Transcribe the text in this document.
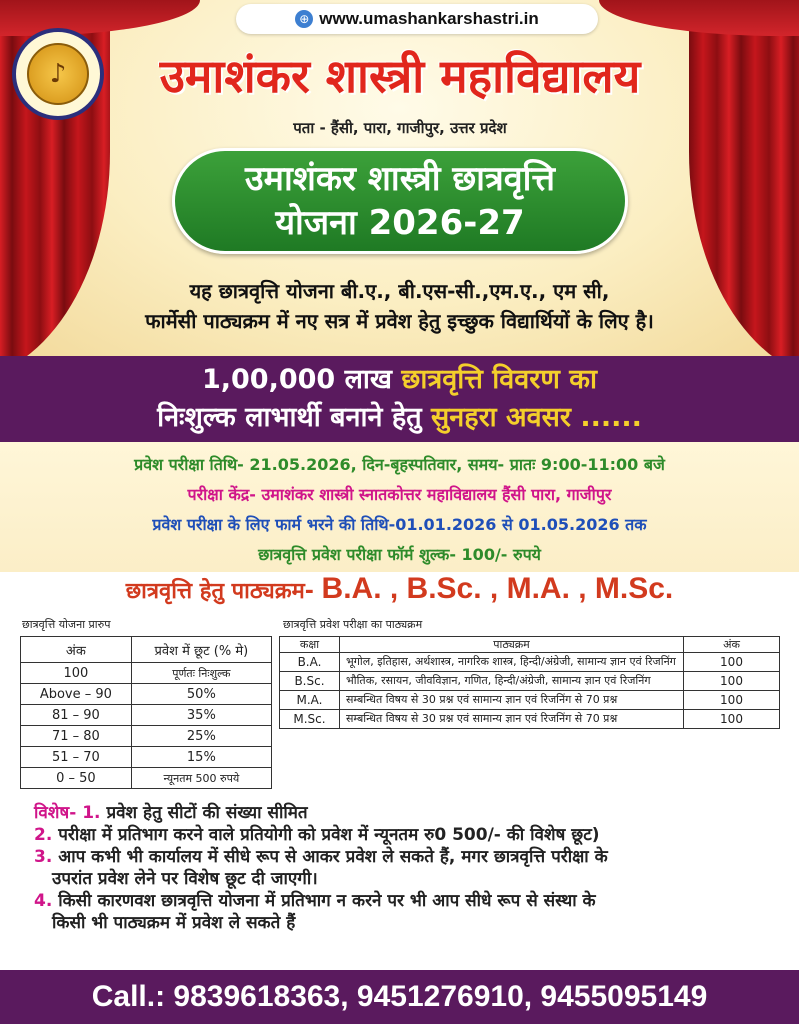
⊕ www.umashankarshastri.in
♪	उमाशंकर शास्त्री महाविद्यालय
पता - हैंसी, पारा, गाजीपुर, उत्तर प्रदेश
उमाशंकर शास्त्री छात्रवृत्ति
योजना 2026-27
यह छात्रवृत्ति योजना बी.ए., बी.एस-सी.,एम.ए., एम सी,
फार्मेसी पाठ्यक्रम में नए सत्र में प्रवेश हेतु इच्छुक विद्यार्थियों के लिए है।
1,00,000 लाख छात्रवृत्ति विवरण का
निःशुल्क लाभार्थी बनाने हेतु सुनहरा अवसर ......
प्रवेश परीक्षा तिथि- 21.05.2026, दिन-बृहस्पतिवार, समय- प्रातः 9:00-11:00 बजे
परीक्षा केंद्र- उमाशंकर शास्त्री स्नातकोत्तर महाविद्यालय हैंसी पारा, गाजीपुर
प्रवेश परीक्षा के लिए फार्म भरने की तिथि-01.01.2026 से 01.05.2026 तक
छात्रवृत्ति प्रवेश परीक्षा फॉर्म शुल्क- 100/- रुपये
छात्रवृत्ति हेतु पाठ्यक्रम- B.A. , B.Sc. , M.A. , M.Sc.
छात्रवृत्ति योजना प्रारुप
अंक	प्रवेश में छूट (% मे)
100	पूर्णतः निःशुल्क
Above – 90	50%
81 – 90	35%
71 – 80	25%
51 – 70	15%
0 – 50	न्यूनतम 500 रुपये
छात्रवृत्ति प्रवेश परीक्षा का पाठ्यक्रम
कक्षा	पाठ्यक्रम	अंक
B.A.	भूगोल, इतिहास, अर्थशास्त्र, नागरिक शास्त्र, हिन्दी/अंग्रेजी, सामान्य ज्ञान एवं रिजनिंग	100
B.Sc.	भौतिक, रसायन, जीवविज्ञान, गणित, हिन्दी/अंग्रेजी, सामान्य ज्ञान एवं रिजनिंग	100
M.A.	सम्बन्धित विषय से 30 प्रश्न एवं सामान्य ज्ञान एवं रिजनिंग से 70 प्रश्न	100
M.Sc.	सम्बन्धित विषय से 30 प्रश्न एवं सामान्य ज्ञान एवं रिजनिंग से 70 प्रश्न	100
विशेष- 1. प्रवेश हेतु सीटों की संख्या सीमित
2. परीक्षा में प्रतिभाग करने वाले प्रतियोगी को प्रवेश में न्यूनतम रु0 500/- की विशेष छूट)
3. आप कभी भी कार्यालय में सीधे रूप से आकर प्रवेश ले सकते हैं, मगर छात्रवृत्ति परीक्षा के
उपरांत प्रवेश लेने पर विशेष छूट दी जाएगी।
4. किसी कारणवश छात्रवृत्ति योजना में प्रतिभाग न करने पर भी आप सीधे रूप से संस्था के
किसी भी पाठ्यक्रम में प्रवेश ले सकते हैं
Call.: 9839618363, 9451276910, 9455095149
